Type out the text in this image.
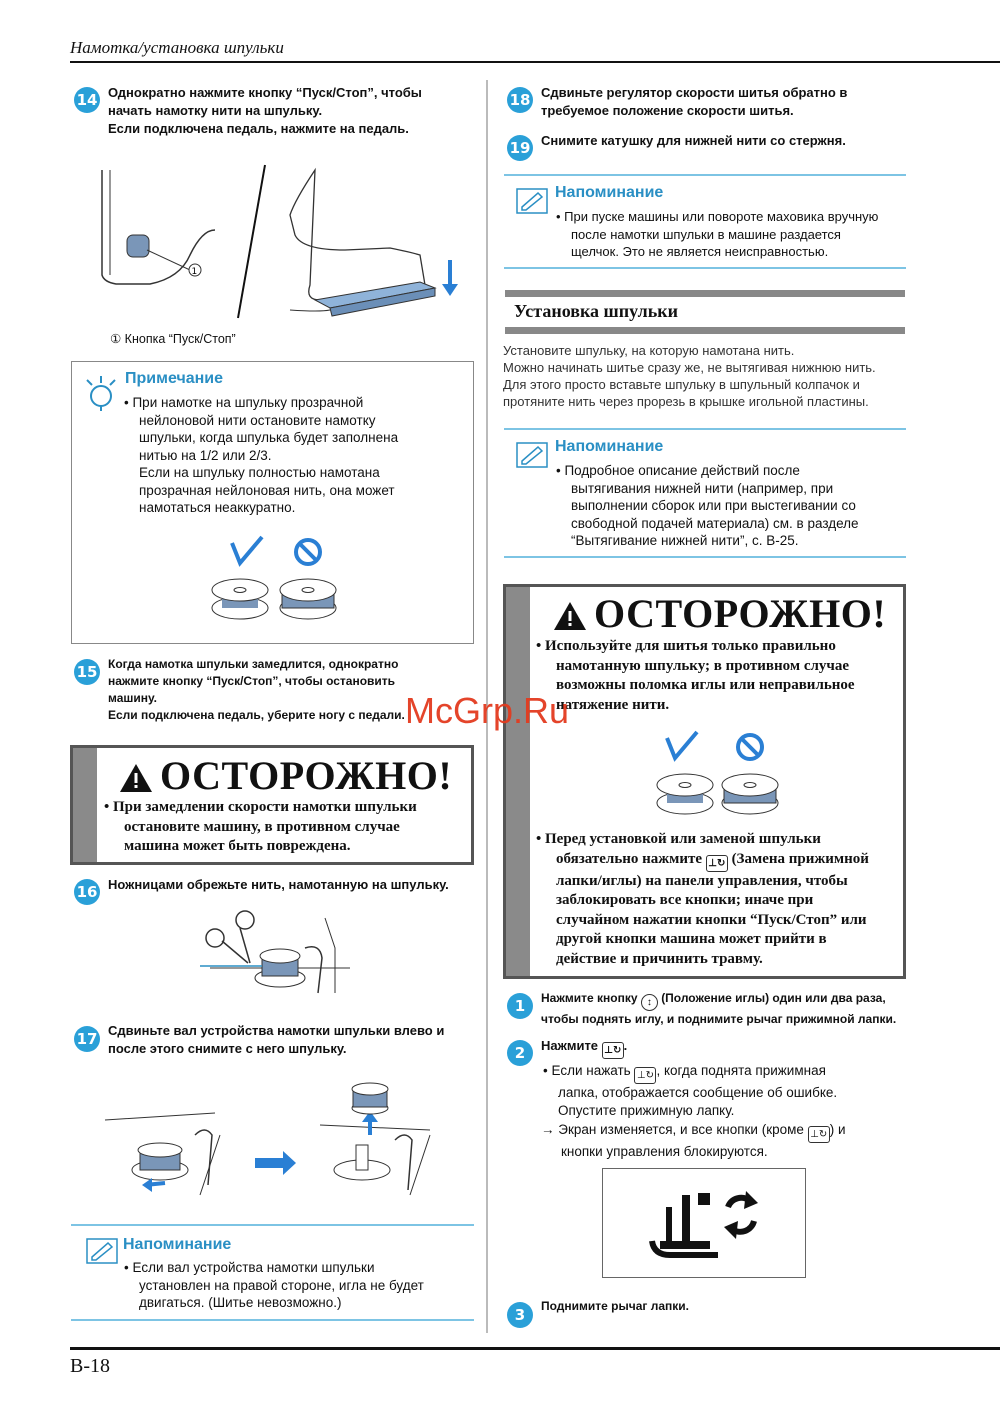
Намотка/установка шпульки
14 Однократно нажмите кнопку “Пуск/Стоп”, чтобы
начать намотку нити на шпульку.
Если подключена педаль, нажмите на педаль.
1
① Кнопка “Пуск/Стоп”
Примечание
• При намотке на шпульку прозрачной
нейлоновой нити остановите намотку
шпульки, когда шпулька будет заполнена
нитью на 1/2 или 2/3.
Если на шпульку полностью намотана
прозрачная нейлоновая нить, она может
намотаться неаккуратно.
15 Когда намотка шпульки замедлится, однократно
нажмите кнопку “Пуск/Стоп”, чтобы остановить
машину.
Если подключена педаль, уберите ногу с педали.
ОСТОРОЖНО!
• При замедлении скорости намотки шпульки
остановите машину, в противном случае
машина может быть повреждена.
16 Ножницами обрежьте нить, намотанную на шпульку.
17 Сдвиньте вал устройства намотки шпульки влево и
после этого снимите с него шпульку.
Напоминание
• Если вал устройства намотки шпульки
установлен на правой стороне, игла не будет
двигаться. (Шитье невозможно.)
18 Сдвиньте регулятор скорости шитья обратно в
требуемое положение скорости шитья.
19 Снимите катушку для нижней нити со стержня.
Напоминание
• При пуске машины или повороте маховика вручную
после намотки шпульки в машине раздается
щелчок. Это не является неисправностью.
Установка шпульки
Установите шпульку, на которую намотана нить.
Можно начинать шитье сразу же, не вытягивая нижнюю нить.
Для этого просто вставьте шпульку в шпульный колпачок и
протяните нить через прорезь в крышке игольной пластины.
Напоминание
• Подробное описание действий после
вытягивания нижней нити (например, при
выполнении сборок или при выстегивании со
свободной подачей материала) см. в разделе
“Вытягивание нижней нити”, с. B-25.
ОСТОРОЖНО!
• Используйте для шитья только правильно
намотанную шпульку; в противном случае
возможны поломка иглы или неправильное
натяжение нити.
• Перед установкой или заменой шпульки
обязательно нажмите ⊥↻ (Замена прижимной
лапки/иглы) на панели управления, чтобы
заблокировать все кнопки; иначе при
случайном нажатии кнопки “Пуск/Стоп” или
другой кнопки машина может прийти в
действие и причинить травму.
1	Нажмите кнопку ↕ (Положение иглы) один или два раза,
чтобы поднять иглу, и поднимите рычаг прижимной лапки.
2	Нажмите ⊥↻ .
• Если нажать ⊥↻ , когда поднята прижимная
лапка, отображается сообщение об ошибке.
Опустите прижимную лапку.
→ Экран изменяется, и все кнопки (кроме ⊥↻ ) и
кнопки управления блокируются.
3	Поднимите рычаг лапки.
McGrp.Ru
B-18
